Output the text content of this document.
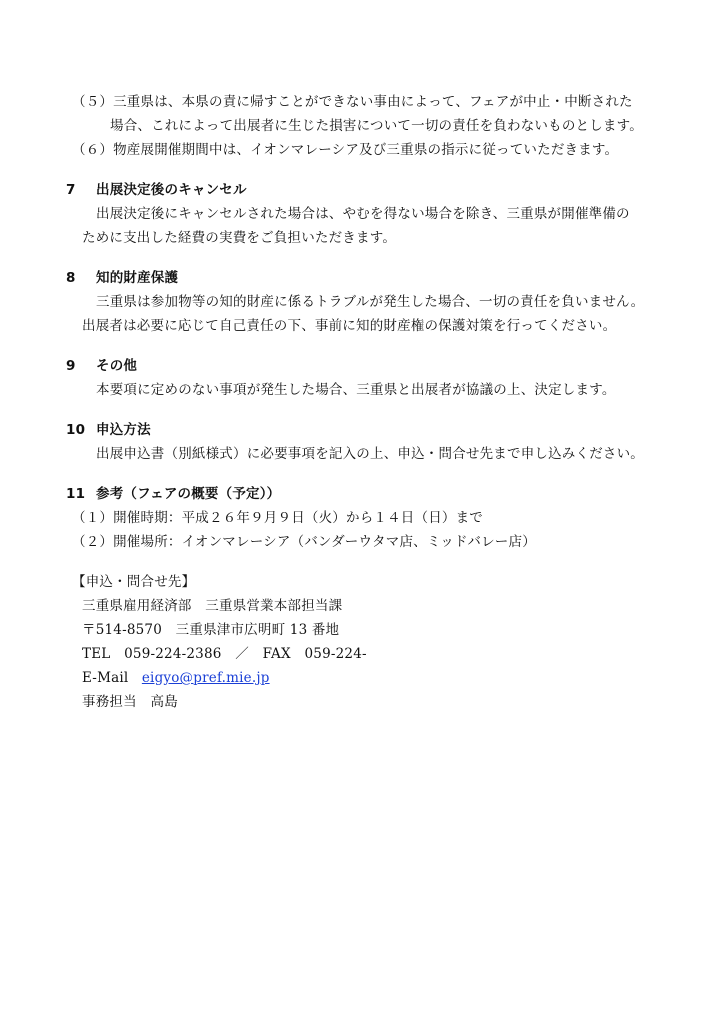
（５）三重県は、本県の責に帰すことができない事由によって、フェアが中止・中断された
場合、これによって出展者に生じた損害について一切の責任を負わないものとします。
（６）物産展開催期間中は、イオンマレーシア及び三重県の指示に従っていただきます。
7 出展決定後のキャンセル
出展決定後にキャンセルされた場合は、やむを得ない場合を除き、三重県が開催準備の
ために支出した経費の実費をご負担いただきます。
8 知的財産保護
三重県は参加物等の知的財産に係るトラブルが発生した場合、一切の責任を負いません。
出展者は必要に応じて自己責任の下、事前に知的財産権の保護対策を行ってください。
9 その他
本要項に定めのない事項が発生した場合、三重県と出展者が協議の上、決定します。
10 申込方法
出展申込書（別紙様式）に必要事項を記入の上、申込・問合せ先まで申し込みください。
11 参考（フェアの概要（予定））
（１）開催時期：平成２６年９月９日（火）から１４日（日）まで
（２）開催場所：イオンマレーシア（バンダーウタマ店、ミッドバレー店）
【申込・問合せ先】
三重県雇用経済部　三重県営業本部担当課
〒514-8570　三重県津市広明町 13 番地
TEL　059-224-2386　／　FAX　059-224-
E-Mail eigyo@pref.mie.jp
事務担当　高島
